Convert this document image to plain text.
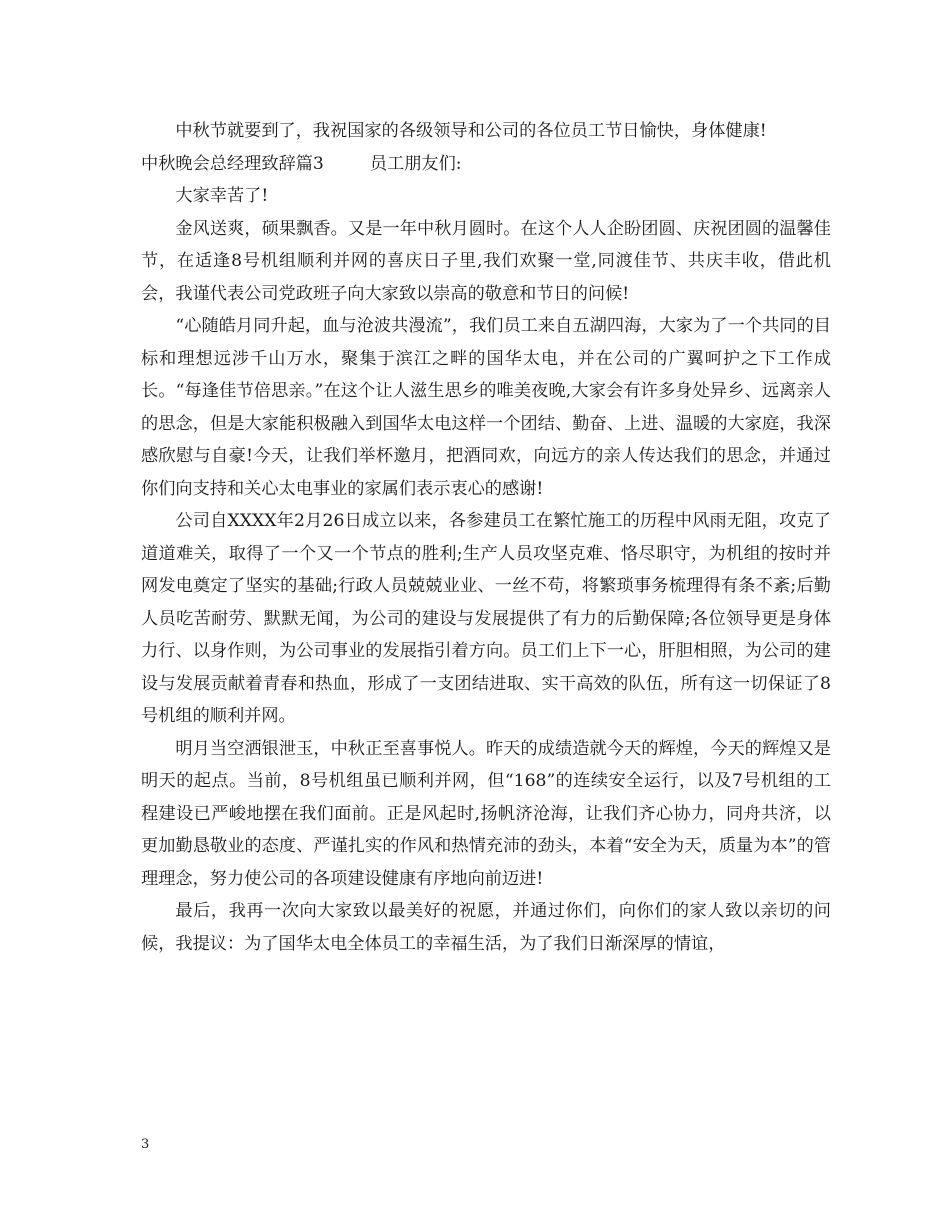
中秋节就要到了，我祝国家的各级领导和公司的各位员工节日愉快，身体健康!

中秋晚会总经理致辞篇3	员工朋友们:

大家幸苦了!

金风送爽，硕果飘香。又是一年中秋月圆时。在这个人人企盼团圆、庆祝团圆的温馨佳节，在适逢8号机组顺利并网的喜庆日子里,我们欢聚一堂,同渡佳节、共庆丰收，借此机会，我谨代表公司党政班子向大家致以崇高的敬意和节日的问候!

“心随皓月同升起，血与沧波共漫流”，我们员工来自五湖四海，大家为了一个共同的目标和理想远涉千山万水，聚集于滨江之畔的国华太电，并在公司的广翼呵护之下工作成长。“每逢佳节倍思亲。”在这个让人滋生思乡的唯美夜晚,大家会有许多身处异乡、远离亲人的思念，但是大家能积极融入到国华太电这样一个团结、勤奋、上进、温暖的大家庭，我深感欣慰与自豪!今天，让我们举杯邀月，把酒同欢，向远方的亲人传达我们的思念，并通过你们向支持和关心太电事业的家属们表示衷心的感谢!

公司自XXXX年2月26日成立以来，各参建员工在繁忙施工的历程中风雨无阻，攻克了道道难关，取得了一个又一个节点的胜利;生产人员攻坚克难、恪尽职守，为机组的按时并网发电奠定了坚实的基础;行政人员兢兢业业、一丝不苟，将繁琐事务梳理得有条不紊;后勤人员吃苦耐劳、默默无闻，为公司的建设与发展提供了有力的后勤保障;各位领导更是身体力行、以身作则，为公司事业的发展指引着方向。员工们上下一心，肝胆相照，为公司的建设与发展贡献着青春和热血，形成了一支团结进取、实干高效的队伍，所有这一切保证了8号机组的顺利并网。

明月当空洒银泄玉，中秋正至喜事悦人。昨天的成绩造就今天的辉煌，今天的辉煌又是明天的起点。当前，8号机组虽已顺利并网，但“168”的连续安全运行，以及7号机组的工程建设已严峻地摆在我们面前。正是风起时,扬帆济沧海，让我们齐心协力，同舟共济，以更加勤恳敬业的态度、严谨扎实的作风和热情充沛的劲头，本着“安全为天，质量为本”的管理理念，努力使公司的各项建设健康有序地向前迈进!

最后，我再一次向大家致以最美好的祝愿，并通过你们，向你们的家人致以亲切的问候，我提议：为了国华太电全体员工的幸福生活，为了我们日渐深厚的情谊，

3
